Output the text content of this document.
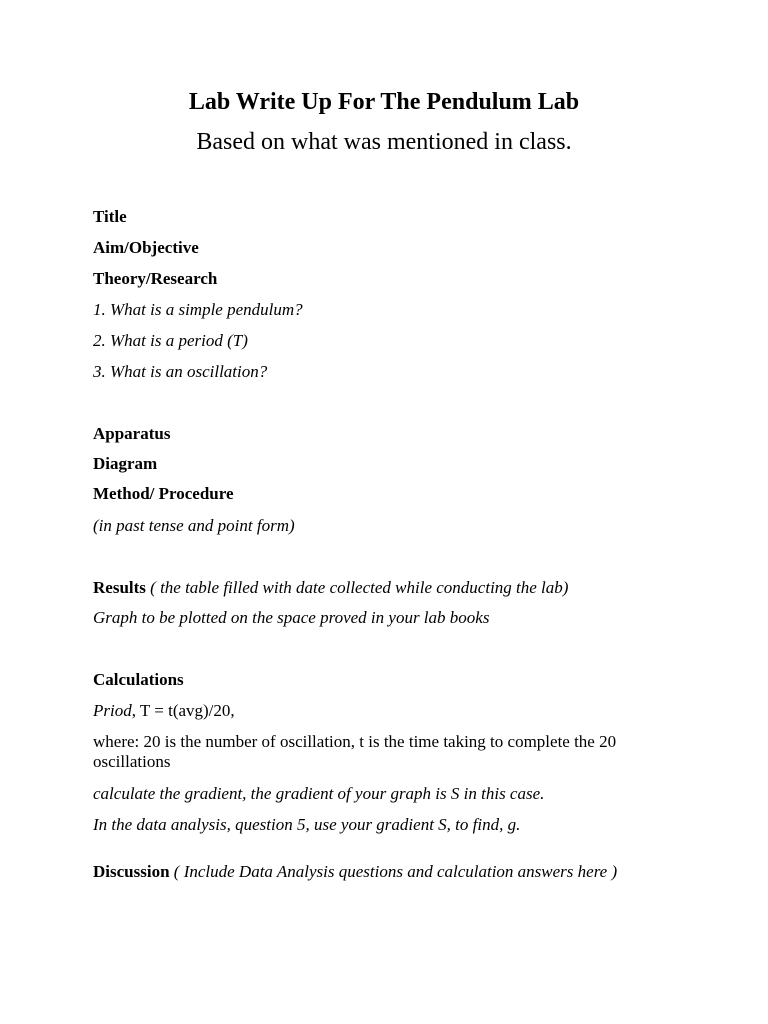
Lab Write Up For The Pendulum Lab

Based on what was mentioned in class.

Title

Aim/Objective

Theory/Research

1. What is a simple pendulum?

2. What is a period (T)

3. What is an oscillation?

Apparatus

Diagram

Method/ Procedure

(in past tense and point form)

Results ( the table filled with date collected while conducting the lab)

Graph to be plotted on the space proved in your lab books

Calculations

Priod, T = t(avg)/20,

where: 20 is the number of oscillation, t is the time taking to complete the 20 oscillations

calculate the gradient, the gradient of your graph is S in this case.

In the data analysis, question 5, use your gradient S, to find, g.

Discussion ( Include Data Analysis questions and calculation answers here )
